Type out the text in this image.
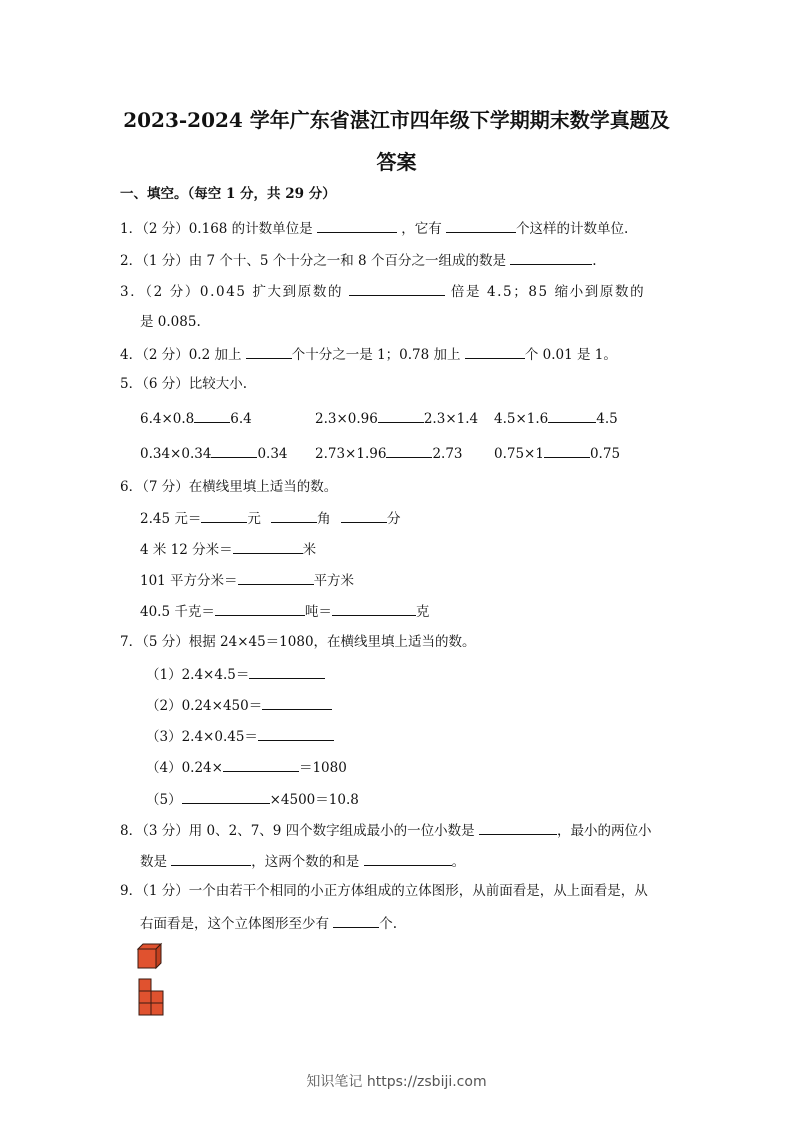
2023-2024 学年广东省湛江市四年级下学期期末数学真题及
答案
一、填空。（每空 1 分，共 29 分）
1．（2 分）0.168 的计数单位是	，它有	个这样的计数单位.
2．（1 分）由 7 个十、5 个十分之一和 8 个百分之一组成的数是	.
3．（2 分）0.045 扩大到原数的	倍是 4.5；85 缩小到原数的
是 0.085.
4．（2 分）0.2 加上	个十分之一是 1；0.78 加上	个 0.01 是 1。
5．（6 分）比较大小.
6.4×0.8	6.4	2.3×0.96	2.3×1.4 4.5×1.6	4.5
0.34×0.34	0.34 2.73×1.96	2.73 0.75×1	0.75
6．（7 分）在横线里填上适当的数。
2.45 元＝	元	角	分
4 米 12 分米＝	米
101 平方分米＝	平方米
40.5 千克＝	吨＝	克
7．（5 分）根据 24×45＝1080，在横线里填上适当的数。
（1）2.4×4.5＝
（2）0.24×450＝
（3）2.4×0.45＝
（4）0.24×	＝1080
（5）	×4500＝10.8
8．（3 分）用 0、2、7、9 四个数字组成最小的一位小数是	，最小的两位小
数是	，这两个数的和是	。
9．（1 分）一个由若干个相同的小正方体组成的立体图形，从前面看是，从上面看是，从
右面看是，这个立体图形至少有	个.
知识笔记 https://zsbiji.com
